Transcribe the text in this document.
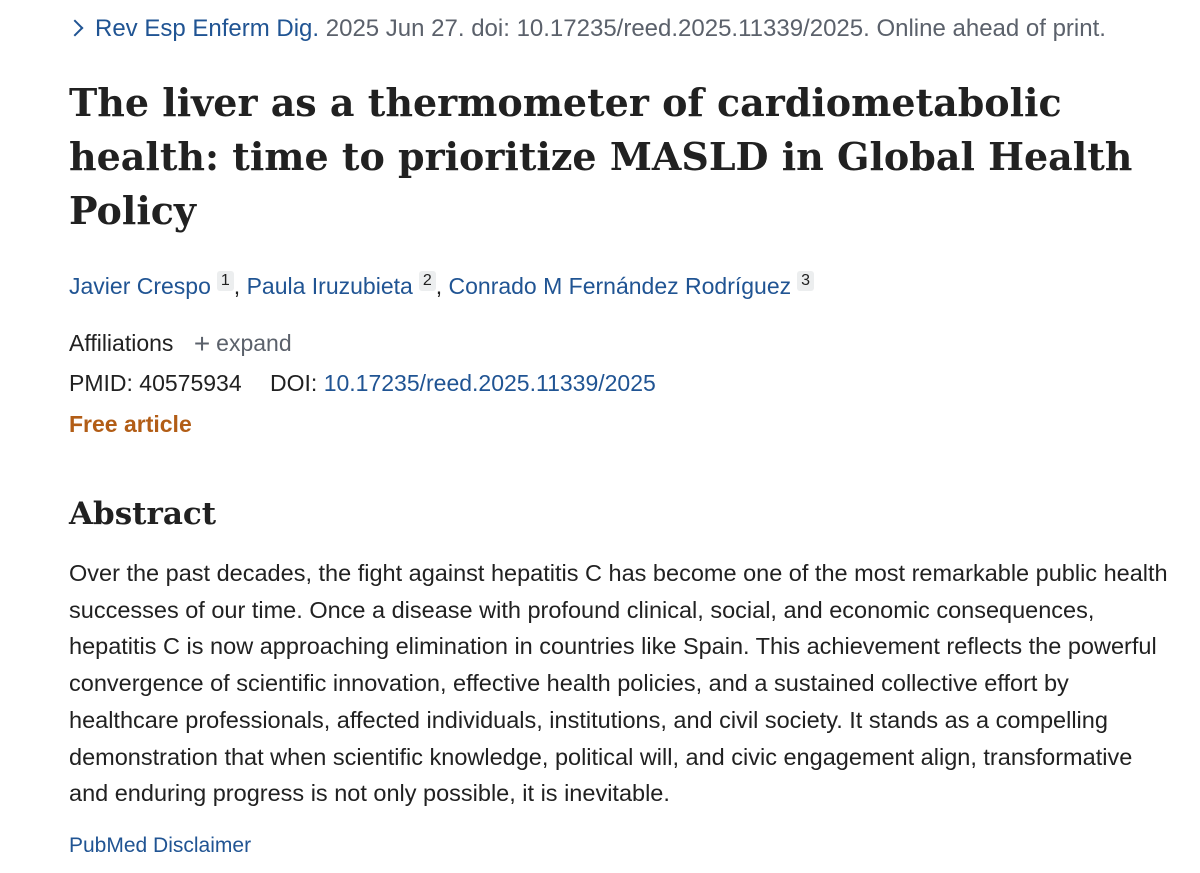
Rev Esp Enferm Dig. 2025 Jun 27. doi: 10.17235/reed.2025.11339/2025. Online ahead of print.
The liver as a thermometer of cardiometabolic health: time to prioritize MASLD in Global Health Policy
Javier Crespo 1 , Paula Iruzubieta 2 , Conrado M Fernández Rodríguez 3
Affiliations + expand
PMID: 40575934 DOI: 10.17235/reed.2025.11339/2025
Free article
Abstract

Over the past decades, the fight against hepatitis C has become one of the most remarkable public health successes of our time. Once a disease with profound clinical, social, and economic consequences, hepatitis C is now approaching elimination in countries like Spain. This achievement reflects the powerful convergence of scientific innovation, effective health policies, and a sustained collective effort by healthcare professionals, affected individuals, institutions, and civil society. It stands as a compelling demonstration that when scientific knowledge, political will, and civic engagement align, transformative and enduring progress is not only possible, it is inevitable.

PubMed Disclaimer
